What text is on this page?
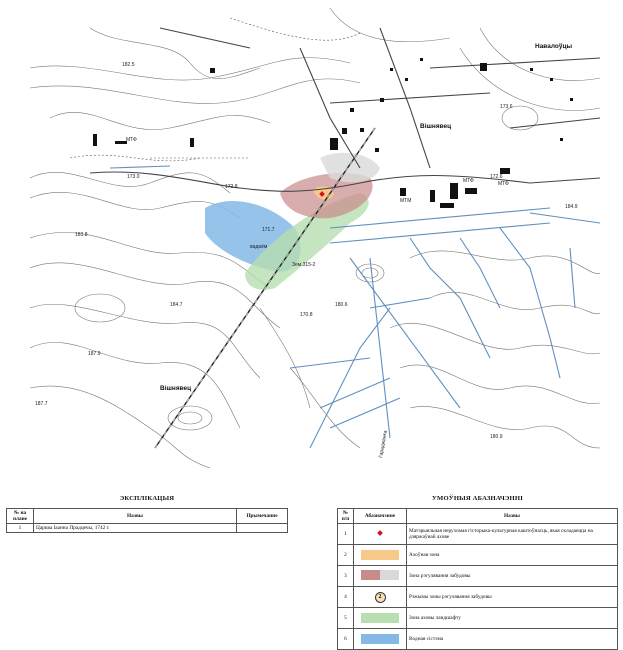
Навалоўцы
Вішнявец
Вішнявец
МТФ	МТФ
МТФ
МТМ
вадаём
Зем.315-2
Гараджанка
173.0
171.7
172.8
172.6
173.6
184.9
183.8
170.8
187.9
187.7
180.9
182.5
180.6
184.7
ЭКСПЛІКАЦЫЯ
№ на плане	Назвы	Прымечанне
1	Царква Іаанна Прадцечы, 1742 г.	
УМОЎНЫЯ АБАЗНАЧЭННІ
№ п/п	Абазначэнне	Назвы
1		Матэрыяльная нерухомая гісторыка-культурная каштоўнасць, якая складаецца на дзяржаўнай ахове
2		Ахоўная зона
3		Зона рэгулявання забудовы
4	2	Рэжымы зоны рэгулявання забудовы
5		Зона аховы ландшафту
6		Водная сістэма
